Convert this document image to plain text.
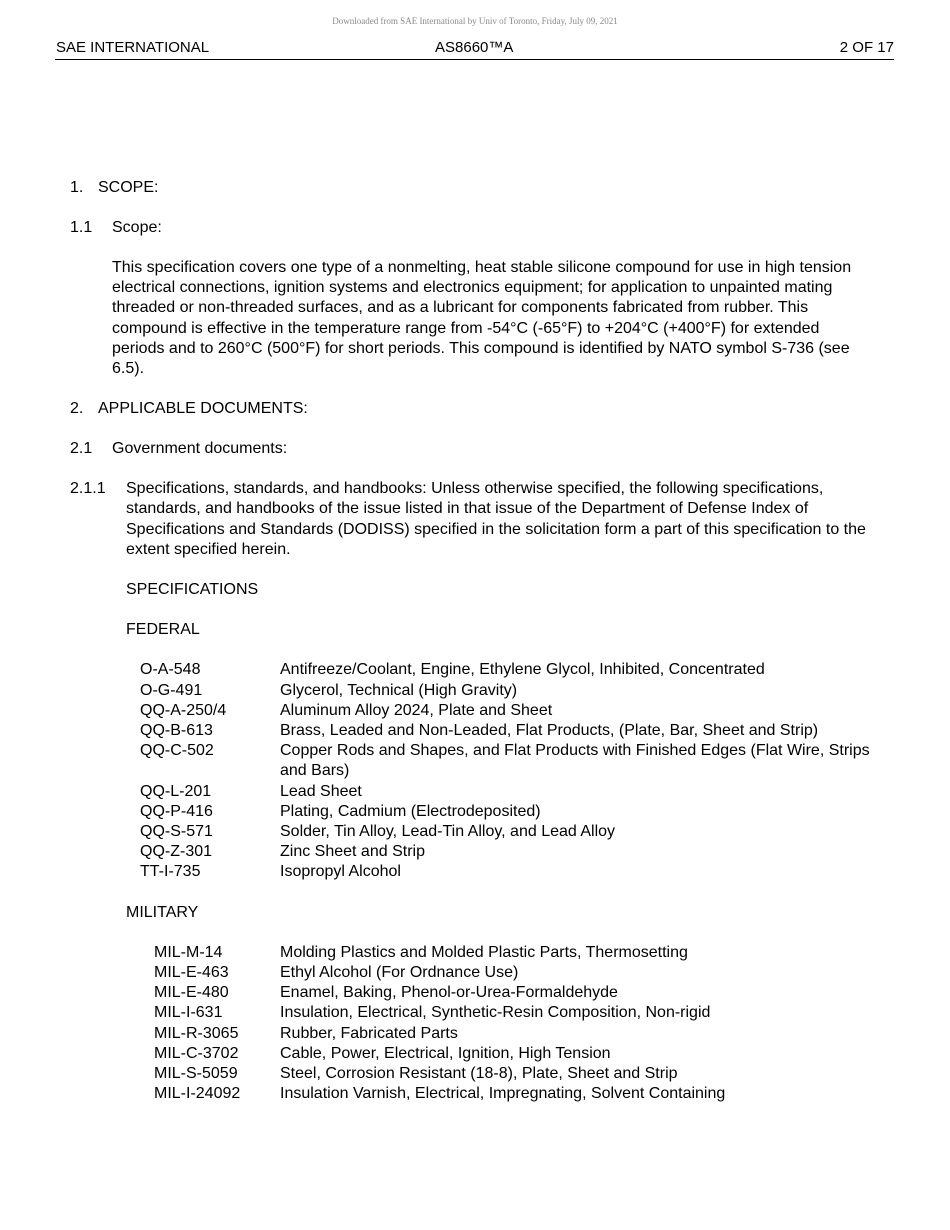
Downloaded from SAE International by Univ of Toronto, Friday, July 09, 2021
SAE INTERNATIONAL	AS8660™A	2 OF 17
1. SCOPE:
1.1 Scope:

This specification covers one type of a nonmelting, heat stable silicone compound for use in high tension electrical connections, ignition systems and electronics equipment; for application to unpainted mating threaded or non-threaded surfaces, and as a lubricant for components fabricated from rubber. This compound is effective in the temperature range from -54°C (-65°F) to +204°C (+400°F) for extended periods and to 260°C (500°F) for short periods. This compound is identified by NATO symbol S-736 (see 6.5).

2. APPLICABLE DOCUMENTS:
2.1 Government documents:
2.1.1	Specifications, standards, and handbooks: Unless otherwise specified, the following specifications, standards, and handbooks of the issue listed in that issue of the Department of Defense Index of Specifications and Standards (DODISS) specified in the solicitation form a part of this specification to the extent specified herein.

SPECIFICATIONS

FEDERAL

O-A-548	Antifreeze/Coolant, Engine, Ethylene Glycol, Inhibited, Concentrated
O-G-491	Glycerol, Technical (High Gravity)
QQ-A-250/4	Aluminum Alloy 2024, Plate and Sheet
QQ-B-613	Brass, Leaded and Non-Leaded, Flat Products, (Plate, Bar, Sheet and Strip)
QQ-C-502	Copper Rods and Shapes, and Flat Products with Finished Edges (Flat Wire, Strips and Bars)
QQ-L-201	Lead Sheet
QQ-P-416	Plating, Cadmium (Electrodeposited)
QQ-S-571	Solder, Tin Alloy, Lead-Tin Alloy, and Lead Alloy
QQ-Z-301	Zinc Sheet and Strip
TT-I-735	Isopropyl Alcohol

MILITARY

MIL-M-14	Molding Plastics and Molded Plastic Parts, Thermosetting
MIL-E-463	Ethyl Alcohol (For Ordnance Use)
MIL-E-480	Enamel, Baking, Phenol-or-Urea-Formaldehyde
MIL-I-631	Insulation, Electrical, Synthetic-Resin Composition, Non-rigid
MIL-R-3065	Rubber, Fabricated Parts
MIL-C-3702	Cable, Power, Electrical, Ignition, High Tension
MIL-S-5059	Steel, Corrosion Resistant (18-8), Plate, Sheet and Strip
MIL-I-24092 Insulation Varnish, Electrical, Impregnating, Solvent Containing
